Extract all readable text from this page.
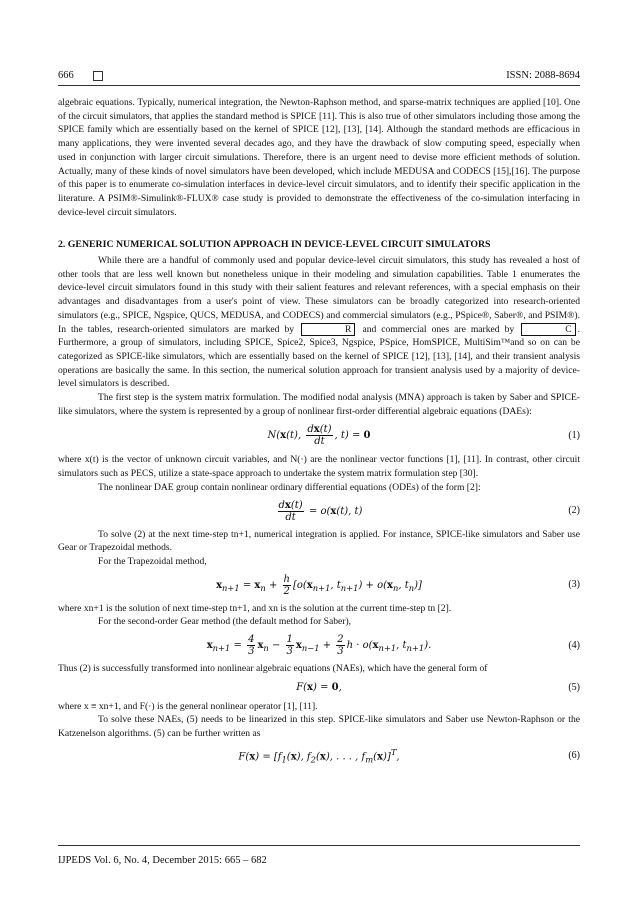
666	ISSN: 2088-8694

algebraic equations. Typically, numerical integration, the Newton-Raphson method, and sparse-matrix techniques are applied [10]. One of the circuit simulators, that applies the standard method is SPICE [11]. This is also true of other simulators including those among the SPICE family which are essentially based on the kernel of SPICE [12], [13], [14]. Although the standard methods are efficacious in many applications, they were invented several decades ago, and they have the drawback of slow computing speed, especially when used in conjunction with larger circuit simulations. Therefore, there is an urgent need to devise more efficient methods of solution. Actually, many of these kinds of novel simulators have been developed, which include MEDUSA and CODECS [15],[16]. The purpose of this paper is to enumerate co-simulation interfaces in device-level circuit simulators, and to identify their specific application in the literature. A PSIM®-Simulink®-FLUX® case study is provided to demonstrate the effectiveness of the co-simulation interfacing in device-level circuit simulators.

2. GENERIC NUMERICAL SOLUTION APPROACH IN DEVICE-LEVEL CIRCUIT SIMULATORS

While there are a handful of commonly used and popular device-level circuit simulators, this study has revealed a host of other tools that are less well known but nonetheless unique in their modeling and simulation capabilities. Table 1 enumerates the device-level circuit simulators found in this study with their salient features and relevant references, with a special emphasis on their advantages and disadvantages from a user's point of view. These simulators can be broadly categorized into research-oriented simulators (e.g., SPICE, Ngspice, QUCS, MEDUSA, and CODECS) and commercial simulators (e.g., PSpice®, Saber®, and PSIM®). In the tables, research-oriented simulators are marked by	R and commercial ones are marked by	C . Furthermore, a group of simulators, including SPICE, Spice2, Spice3, Ngspice, PSpice, HomSPICE, MultiSim™and so on can be categorized as SPICE-like simulators, which are essentially based on the kernel of SPICE [12], [13], [14], and their transient analysis operations are basically the same. In this section, the numerical solution approach for transient analysis used by a majority of device-level simulators is described.

The first step is the system matrix formulation. The modified nodal analysis (MNA) approach is taken by Saber and SPICE-like simulators, where the system is represented by a group of nonlinear first-order differential algebraic equations (DAEs):

N(x(t), $\frac{dx(t)}{dt}$ , t) = 0	(1)

where x(t) is the vector of unknown circuit variables, and N(·) are the nonlinear vector functions [1], [11]. In contrast, other circuit simulators such as PECS, utilize a state-space approach to undertake the system matrix formulation step [30].

The nonlinear DAE group contain nonlinear ordinary differential equations (ODEs) of the form [2]:

$\frac{dx(t)}{dt} = o(x(t)$, t)	(2)

To solve (2) at the next time-step tn+1, numerical integration is applied. For instance, SPICE-like simulators and Saber use Gear or Trapezoidal methods.

For the Trapezoidal method,

$x_{n+1} = x_n + \frac{h}{2} [o(x_{n+1}$, $t_{n+1}) + o(x_n$, $t_n$)]	(3)

where xn+1 is the solution of next time-step tn+1, and xn is the solution at the current time-step tn [2].

For the second-order Gear method (the default method for Saber),

$x_{n+1} = \frac{4}{3} x_n - \frac{1}{3} x_{n-1} + \frac{2}{3}$ $h \cdot o(x_{n+1}$, $t_{n+1}$).	(4)

Thus (2) is successfully transformed into nonlinear algebraic equations (NAEs), which have the general form of

F(x) = 0,	(5)

where x ≡ xn+1, and F(·) is the general nonlinear operator [1], [11].

To solve these NAEs, (5) needs to be linearized in this step. SPICE-like simulators and Saber use Newton-Raphson or the Katzenelson algorithms. (5) can be further written as

$F(x) = [f_1(x)$, $f_2(x)$, . . . , $f_m(x)]^T$,	(6)
IJPEDS Vol. 6, No. 4, December 2015: 665 – 682
